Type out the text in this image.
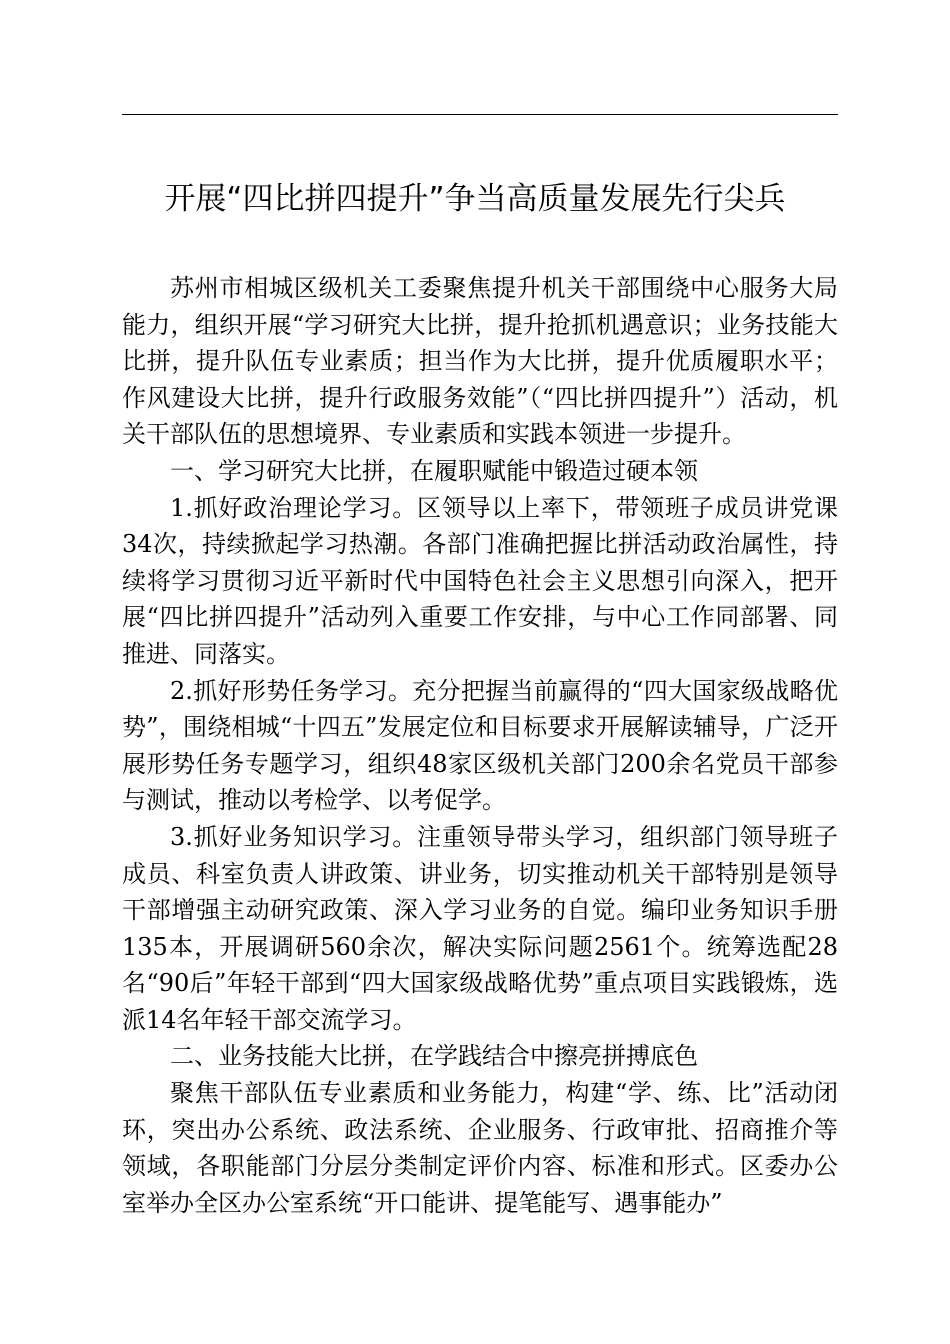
开展“四比拼四提升”争当高质量发展先行尖兵

苏州市相城区级机关工委聚焦提升机关干部围绕中心服务大局能力，组织开展“学习研究大比拼，提升抢抓机遇意识；业务技能大比拼，提升队伍专业素质；担当作为大比拼，提升优质履职水平；作风建设大比拼，提升行政服务效能”（“四比拼四提升”）活动，机关干部队伍的思想境界、专业素质和实践本领进一步提升。

一、学习研究大比拼，在履职赋能中锻造过硬本领

1.抓好政治理论学习。区领导以上率下，带领班子成员讲党课34次，持续掀起学习热潮。各部门准确把握比拼活动政治属性，持续将学习贯彻习近平新时代中国特色社会主义思想引向深入，把开展“四比拼四提升”活动列入重要工作安排，与中心工作同部署、同推进、同落实。

2.抓好形势任务学习。充分把握当前赢得的“四大国家级战略优势”，围绕相城“十四五”发展定位和目标要求开展解读辅导，广泛开展形势任务专题学习，组织48家区级机关部门200余名党员干部参与测试，推动以考检学、以考促学。

3.抓好业务知识学习。注重领导带头学习，组织部门领导班子成员、科室负责人讲政策、讲业务，切实推动机关干部特别是领导干部增强主动研究政策、深入学习业务的自觉。编印业务知识手册135本，开展调研560余次，解决实际问题2561个。统筹选配28名“90后”年轻干部到“四大国家级战略优势”重点项目实践锻炼，选派14名年轻干部交流学习。

二、业务技能大比拼，在学践结合中擦亮拼搏底色

聚焦干部队伍专业素质和业务能力，构建“学、练、比”活动闭环，突出办公系统、政法系统、企业服务、行政审批、招商推介等领域，各职能部门分层分类制定评价内容、标准和形式。区委办公室举办全区办公室系统“开口能讲、提笔能写、遇事能办”
